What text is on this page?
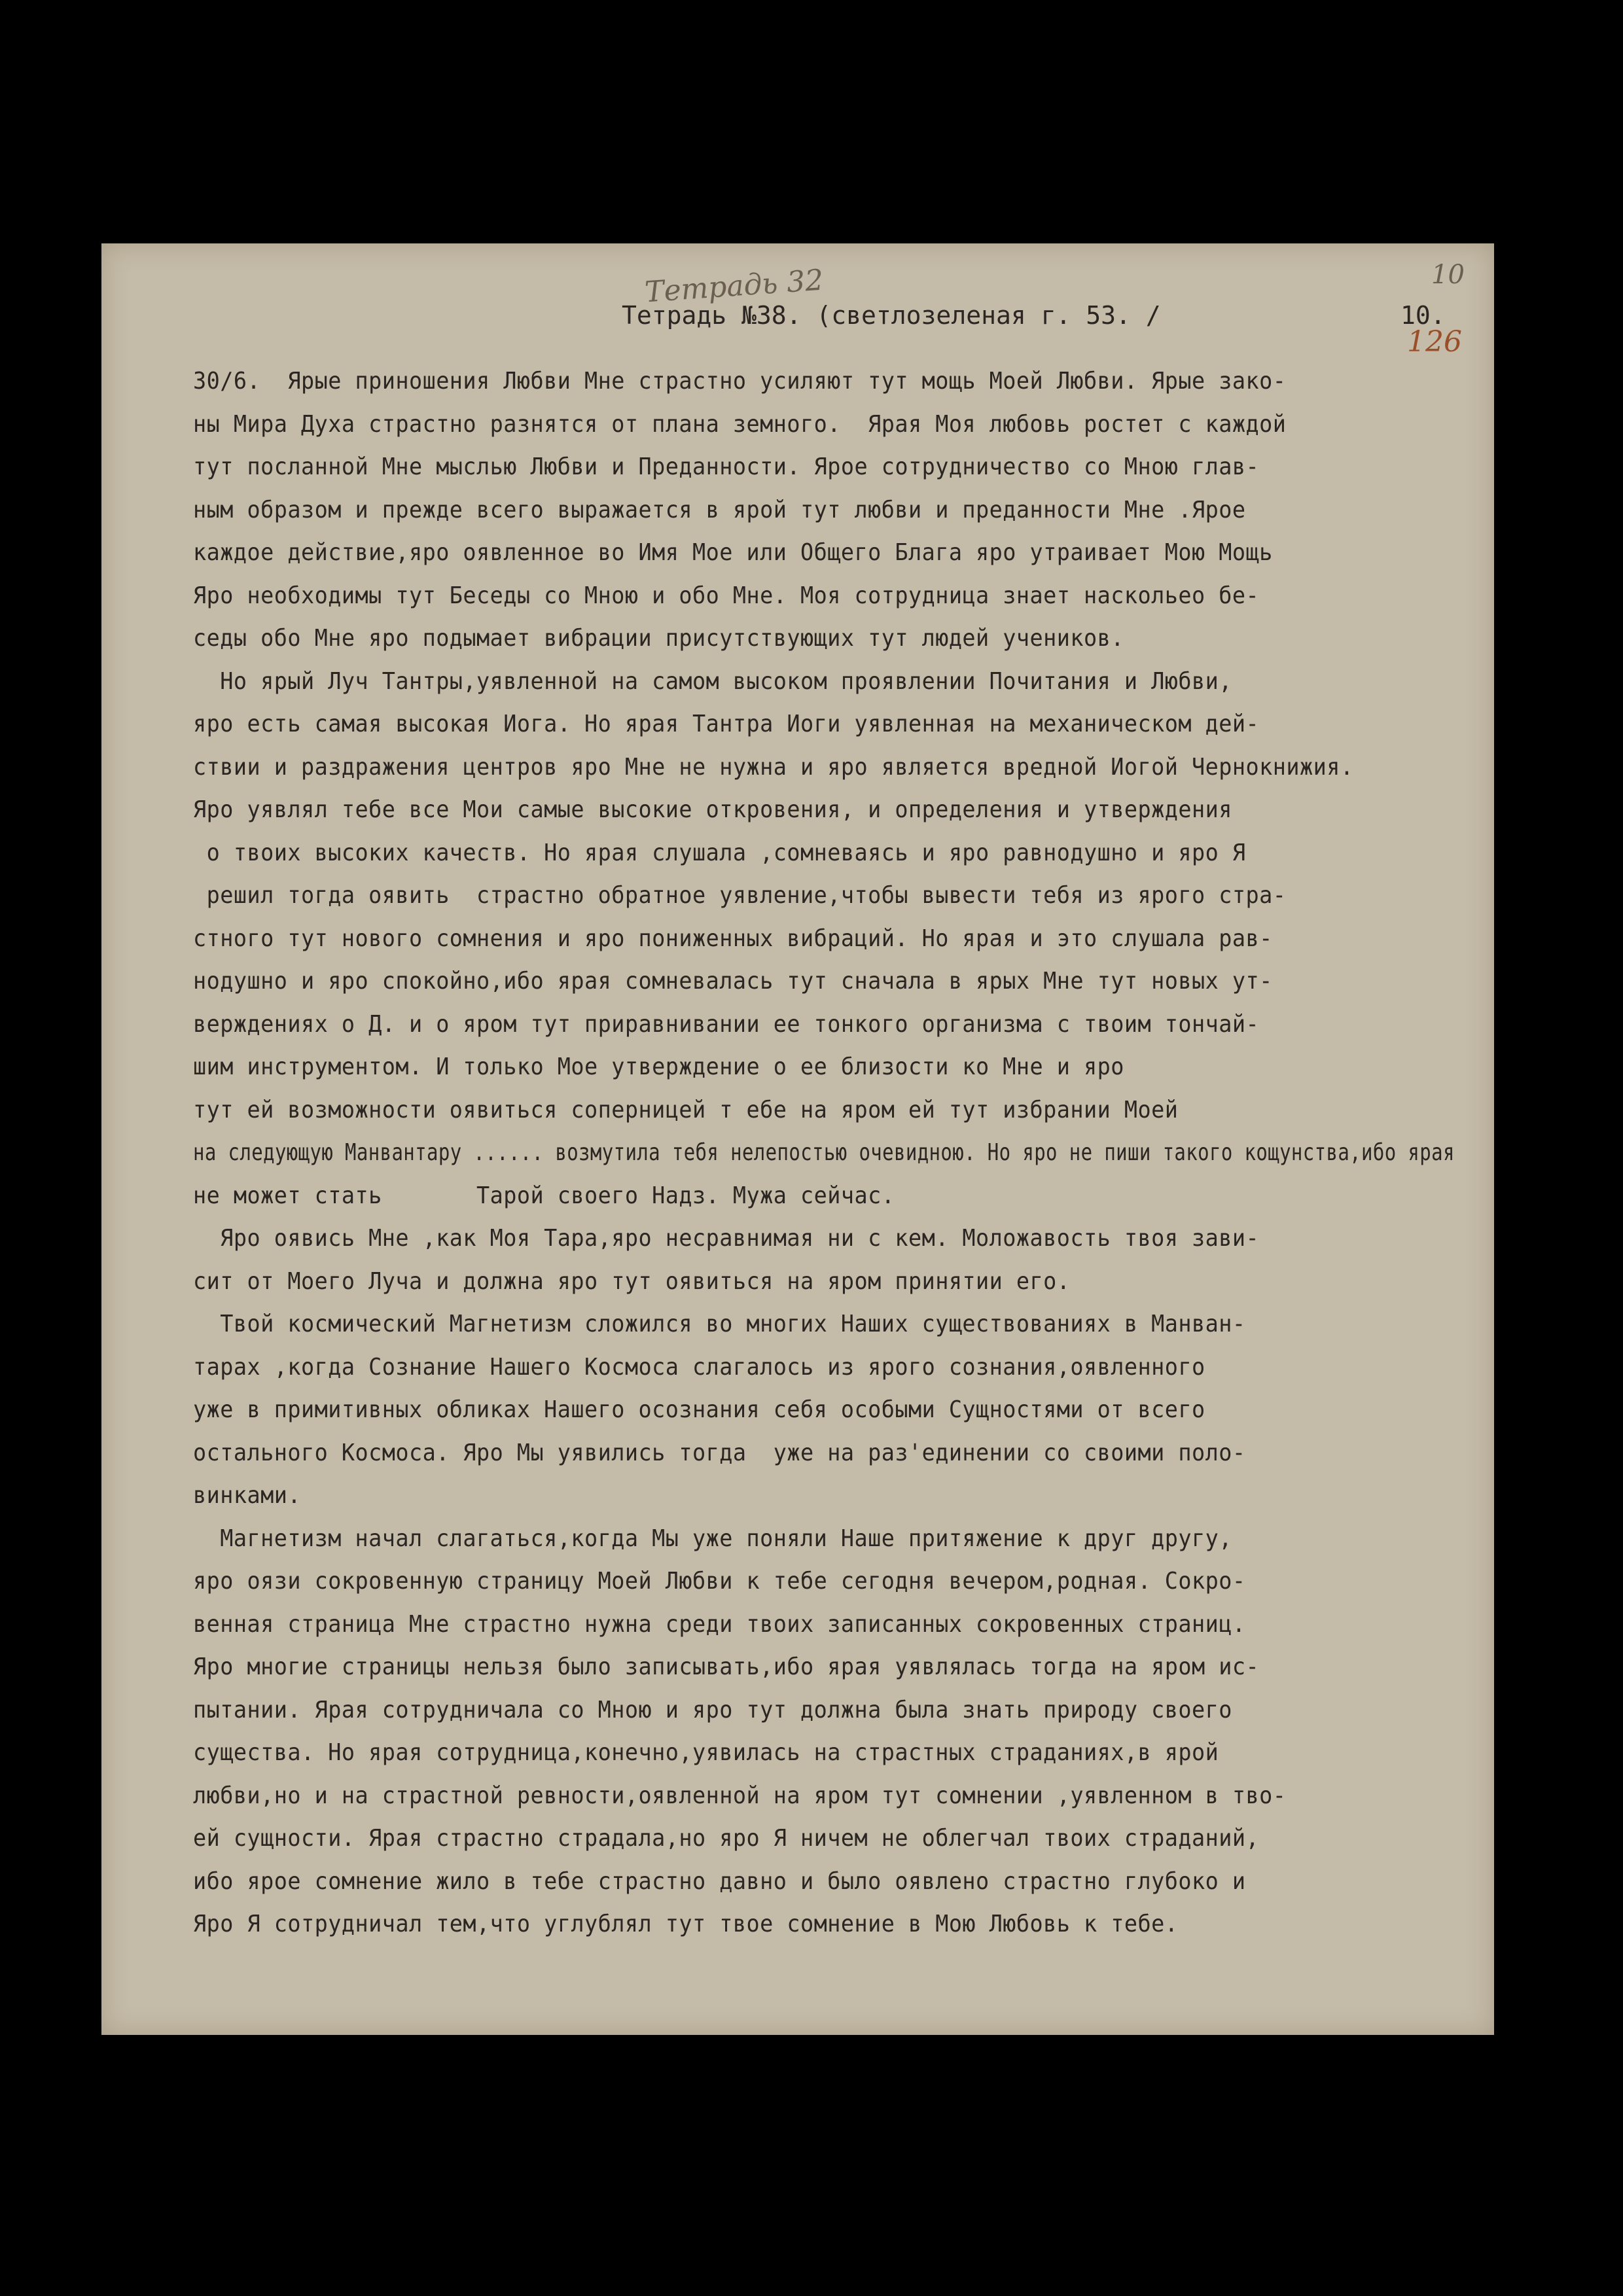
Тетрадь 32	10
126
Тетрадь №38. (светлозеленая г. 53. /	10.
30/6.  Ярые приношения Любви Мне страстно усиляют тут мощь Моей Любви. Ярые зако-
ны Мира Духа страстно разнятся от плана земного.  Ярая Моя любовь ростет с каждой
тут посланной Мне мыслью Любви и Преданности. Ярое сотрудничество со Мною глав-
ным образом и прежде всего выражается в ярой тут любви и преданности Мне .Ярое
каждое действие,яро оявленное во Имя Мое или Общего Блага яро утраивает Мою Мощь
Яро необходимы тут Беседы со Мною и обо Мне. Моя сотрудница знает наскольео бе-
седы обо Мне яро подымает вибрации присутствующих тут людей учеников.
Но ярый Луч Тантры,уявленной на самом высоком проявлении Почитания и Любви,
яро есть самая высокая Иога. Но ярая Тантра Иоги уявленная на механическом дей-
ствии и раздражения центров яро Мне не нужна и яро является вредной Иогой Чернокнижия.
Яро уявлял тебе все Мои самые высокие откровения, и определения и утверждения
о твоих высоких качеств. Но ярая слушала ,сомневаясь и яро равнодушно и яро Я
решил тогда оявить  страстно обратное уявление,чтобы вывести тебя из ярого стра-
стного тут нового сомнения и яро пониженных вибраций. Но ярая и это слушала рав-
нодушно и яро спокойно,ибо ярая сомневалась тут сначала в ярых Мне тут новых ут-
верждениях о Д. и о яром тут приравнивании ее тонкого организма с твоим тончай-
шим инструментом. И только Мое утверждение о ее близости ко Мне и яро
тут ей возможности оявиться соперницей т ебе на яром ей тут избрании Моей
на следующую Манвантару ...... возмутила тебя нелепостью очевидною. Но яро не пиши такого кощунства,ибо ярая
не может стать       Тарой своего Надз. Мужа сейчас.
Яро оявись Мне ,как Моя Тара,яро несравнимая ни с кем. Моложавость твоя зави-
сит от Моего Луча и должна яро тут оявиться на яром принятии его.
Твой космический Магнетизм сложился во многих Наших существованиях в Манван-
тарах ,когда Сознание Нашего Космоса слагалось из ярого сознания,оявленного
уже в примитивных обликах Нашего осознания себя особыми Сущностями от всего
остального Космоса. Яро Мы уявились тогда  уже на раз'единении со своими поло-
винками.
Магнетизм начал слагаться,когда Мы уже поняли Наше притяжение к друг другу,
яро оязи сокровенную страницу Моей Любви к тебе сегодня вечером,родная. Сокро-
венная страница Мне страстно нужна среди твоих записанных сокровенных страниц.
Яро многие страницы нельзя было записывать,ибо ярая уявлялась тогда на яром ис-
пытании. Ярая сотрудничала со Мною и яро тут должна была знать природу своего
существа. Но ярая сотрудница,конечно,уявилась на страстных страданиях,в ярой
любви,но и на страстной ревности,оявленной на яром тут сомнении ,уявленном в тво-
ей сущности. Ярая страстно страдала,но яро Я ничем не облегчал твоих страданий,
ибо ярое сомнение жило в тебе страстно давно и было оявлено страстно глубоко и
Яро Я сотрудничал тем,что углублял тут твое сомнение в Мою Любовь к тебе.
